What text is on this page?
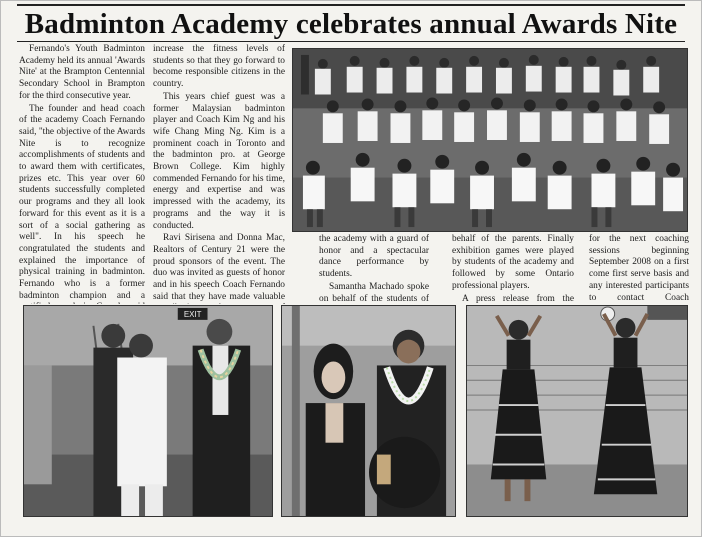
Badminton Academy celebrates annual Awards Nite

Fernando's Youth Badminton Academy held its annual 'Awards Nite' at the Brampton Centennial Secondary School in Brampton for the third consecutive year.

The founder and head coach of the academy Coach Fernando said, "the objective of the Awards Nite is to recognize accomplishments of students and to award them with certificates, prizes etc. This year over 60 students successfully completed our programs and they all look forward for this event as it is a sort of a social gathering as well". In his speech he congratulated the students and explained the importance of physical training in badminton. Fernando who is a former badminton champion and a

increase the fitness levels of students so that they go forward to become responsible citizens in the country.

This years chief guest was a former Malaysian badminton player and Coach Kim Ng and his wife Chang Ming Ng. Kim is a prominent coach in Toronto and the badminton pro. at George Brown College. Kim highly commended Fernando for his time, energy and expertise and was impressed with the academy, its programs and the way it is conducted.

Ravi Sirisena and Donna Mac, Realtors of Century 21 were the proud sponsors of the event. The duo was invited as guests of honor and in his speech Coach Fernando said that they have made valuable

the academy with a guard of honor and a spectacular dance performance by students.

Samantha Machado spoke on behalf of the students of

behalf of the parents. Finally exhibition games were played by students of the academy and followed by some Ontario professional players.

A press release from the

for the next coaching sessions beginning September 2008 on a first come first serve basis and any interested participants to contact Coach

EXIT
